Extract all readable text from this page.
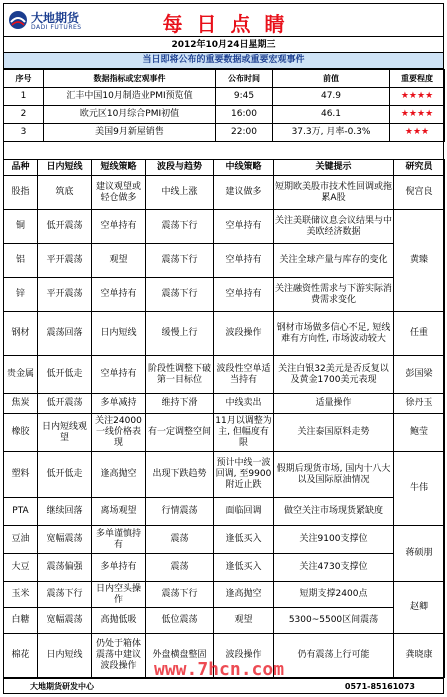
大地期货
DADI FUTURES	每日点睛
2012年10月24日星期三
当日即将公布的重要数据或重要宏观事件
序号	数据指标或宏观事件	公布时间	前值	重要程度
1	汇丰中国10月制造业PMI预览值	9:45	47.9	★★★★
2	欧元区10月综合PMI初值	16:00	46.1	★★★★
3	美国9月新屋销售	22:00	37.3万, 月率-0.3%	★★★
品种	日内短线	短线策略	波段与趋势	中线策略	关键提示	研究员
股指	筑底	建议观望或轻仓做多	中线上涨	建议做多	短期欧美股市技术性回调或拖累A股	倪宫良
铜	低开震荡	空单持有	震荡下行	空单持有	关注美联储议息会议结果与中美欧经济数据	黄臻
铝	平开震荡	观望	震荡下行	空单持有	关注全球产量与库存的变化	
锌	平开震荡	空单持有	震荡下行	空单持有	关注融资性需求与下游实际消费需求变化	
钢材	震荡回落	日内短线	缓慢上行	波段操作	钢材市场做多信心不足, 短线难有方向性, 市场波动较大	任重
贵金属	低开低走	空单持有	阶段性调整下破第一目标位	波段性空单适当持有	关注白银32美元是否反复以及黄金1700美元表现	彭国梁
焦炭	低开震荡	多单减持	维持下滑	中线卖出	适量操作	徐丹玉
橡胶	日内短线观望	关注24000一线价格表现	有一定调整空间	11月以调整为主, 但幅度有限	关注泰国原料走势	鲍莹
塑料	低开低走	逢高抛空	出现下跌趋势	预计中线一波回调, 至9900附近止跌	假期后现货市场, 国内十八大以及国际原油情况	牛伟
PTA	继续回落	离场观望	行情震荡	面临回调	做空关注市场现货紧缺度	
豆油	宽幅震荡	多单谨慎持有	震荡	逢低买入	关注9100支撑位	蒋硕朋
大豆	震荡偏强	多单持有	震荡	逢低买入	关注4730支撑位	
玉米	震荡下行	日内空头操作	震荡下行	逢高抛空	短期支撑2400点	赵卿
白糖	宽幅震荡	高抛低吸	低位震荡	观望	5300~5500区间震荡	
棉花	日内短线	仍处于箱体震荡中建议波段操作	外盘横盘整固	波段操作	仍有震荡上行可能	龚晓康
www.7hcn.com
大地期货研发中心	0571-85161073
